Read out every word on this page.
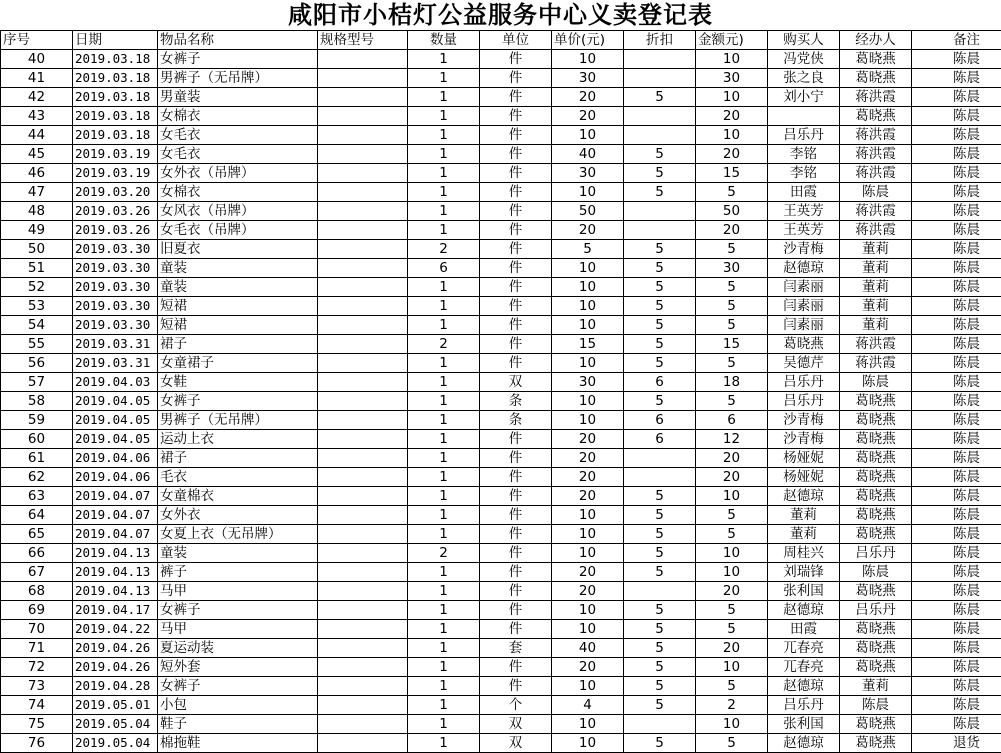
咸阳市小桔灯公益服务中心义卖登记表
序号	日期	物品名称	规格型号	数量	单位	单价(元)	折扣	金额元)	购买人	经办人	备注
40	2019.03.18	女裤子		1	件	10		10	冯党侠	葛晓燕	陈晨
41	2019.03.18	男裤子（无吊牌）		1	件	30		30	张之良	葛晓燕	陈晨
42	2019.03.18	男童装		1	件	20	5	10	刘小宁	蒋洪霞	陈晨
43	2019.03.18	女棉衣		1	件	20		20		葛晓燕	陈晨
44	2019.03.18	女毛衣		1	件	10		10	吕乐丹	蒋洪霞	陈晨
45	2019.03.19	女毛衣		1	件	40	5	20	李铭	蒋洪霞	陈晨
46	2019.03.19	女外衣（吊牌）		1	件	30	5	15	李铭	蒋洪霞	陈晨
47	2019.03.20	女棉衣		1	件	10	5	5	田霞	陈晨	陈晨
48	2019.03.26	女风衣（吊牌）		1	件	50		50	王英芳	蒋洪霞	陈晨
49	2019.03.26	女毛衣（吊牌）		1	件	20		20	王英芳	蒋洪霞	陈晨
50	2019.03.30	旧夏衣		2	件	5	5	5	沙青梅	董莉	陈晨
51	2019.03.30	童装		6	件	10	5	30	赵德琼	董莉	陈晨
52	2019.03.30	童装		1	件	10	5	5	闫素丽	董莉	陈晨
53	2019.03.30	短裙		1	件	10	5	5	闫素丽	董莉	陈晨
54	2019.03.30	短裙		1	件	10	5	5	闫素丽	董莉	陈晨
55	2019.03.31	裙子		2	件	15	5	15	葛晓燕	蒋洪霞	陈晨
56	2019.03.31	女童裙子		1	件	10	5	5	吴德芹	蒋洪霞	陈晨
57	2019.04.03	女鞋		1	双	30	6	18	吕乐丹	陈晨	陈晨
58	2019.04.05	女裤子		1	条	10	5	5	吕乐丹	葛晓燕	陈晨
59	2019.04.05	男裤子（无吊牌）		1	条	10	6	6	沙青梅	葛晓燕	陈晨
60	2019.04.05	运动上衣		1	件	20	6	12	沙青梅	葛晓燕	陈晨
61	2019.04.06	裙子		1	件	20		20	杨娅妮	葛晓燕	陈晨
62	2019.04.06	毛衣		1	件	20		20	杨娅妮	葛晓燕	陈晨
63	2019.04.07	女童棉衣		1	件	20	5	10	赵德琼	葛晓燕	陈晨
64	2019.04.07	女外衣		1	件	10	5	5	董莉	葛晓燕	陈晨
65	2019.04.07	女夏上衣（无吊牌）		1	件	10	5	5	董莉	葛晓燕	陈晨
66	2019.04.13	童装		2	件	10	5	10	周桂兴	吕乐丹	陈晨
67	2019.04.13	裤子		1	件	20	5	10	刘瑞锋	陈晨	陈晨
68	2019.04.13	马甲		1	件	20		20	张利国	葛晓燕	陈晨
69	2019.04.17	女裤子		1	件	10	5	5	赵德琼	吕乐丹	陈晨
70	2019.04.22	马甲		1	件	10	5	5	田霞	葛晓燕	陈晨
71	2019.04.26	夏运动装		1	套	40	5	20	兀春亮	葛晓燕	陈晨
72	2019.04.26	短外套		1	件	20	5	10	兀春亮	葛晓燕	陈晨
73	2019.04.28	女裤子		1	件	10	5	5	赵德琼	董莉	陈晨
74	2019.05.01	小包		1	个	4	5	2	吕乐丹	陈晨	陈晨
75	2019.05.04	鞋子		1	双	10		10	张利国	葛晓燕	陈晨
76	2019.05.04	棉拖鞋		1	双	10	5	5	赵德琼	葛晓燕	退货
